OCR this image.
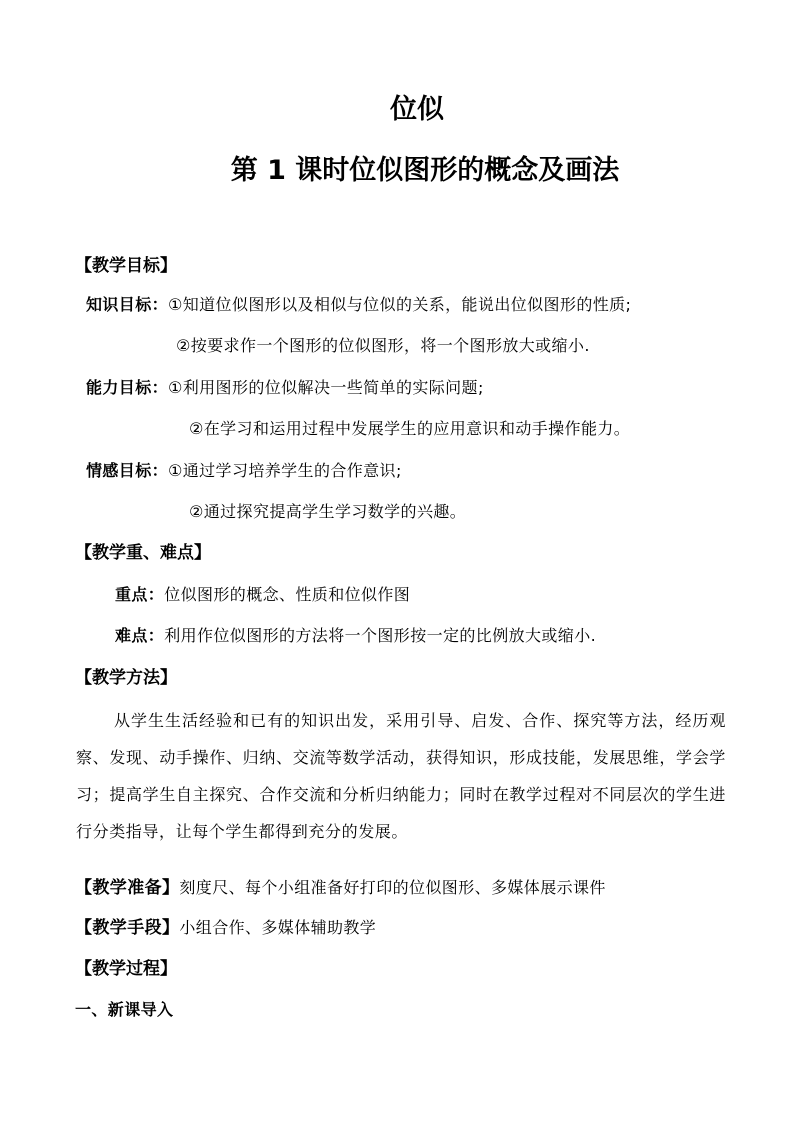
位似
第 1 课时位似图形的概念及画法
【教学目标】
知识目标：①知道位似图形以及相似与位似的关系，能说出位似图形的性质;
②按要求作一个图形的位似图形，将一个图形放大或缩小.
能力目标：①利用图形的位似解决一些简单的实际问题;
②在学习和运用过程中发展学生的应用意识和动手操作能力。
情感目标：①通过学习培养学生的合作意识;
②通过探究提高学生学习数学的兴趣。
【教学重、难点】
重点：位似图形的概念、性质和位似作图
难点：利用作位似图形的方法将一个图形按一定的比例放大或缩小.
【教学方法】
从学生生活经验和已有的知识出发，采用引导、启发、合作、探究等方法，经历观察、发现、动手操作、归纳、交流等数学活动，获得知识，形成技能，发展思维，学会学习；提高学生自主探究、合作交流和分析归纳能力；同时在教学过程对不同层次的学生进行分类指导，让每个学生都得到充分的发展。
【教学准备】刻度尺、每个小组准备好打印的位似图形、多媒体展示课件
【教学手段】小组合作、多媒体辅助教学
【教学过程】
一、新课导入
